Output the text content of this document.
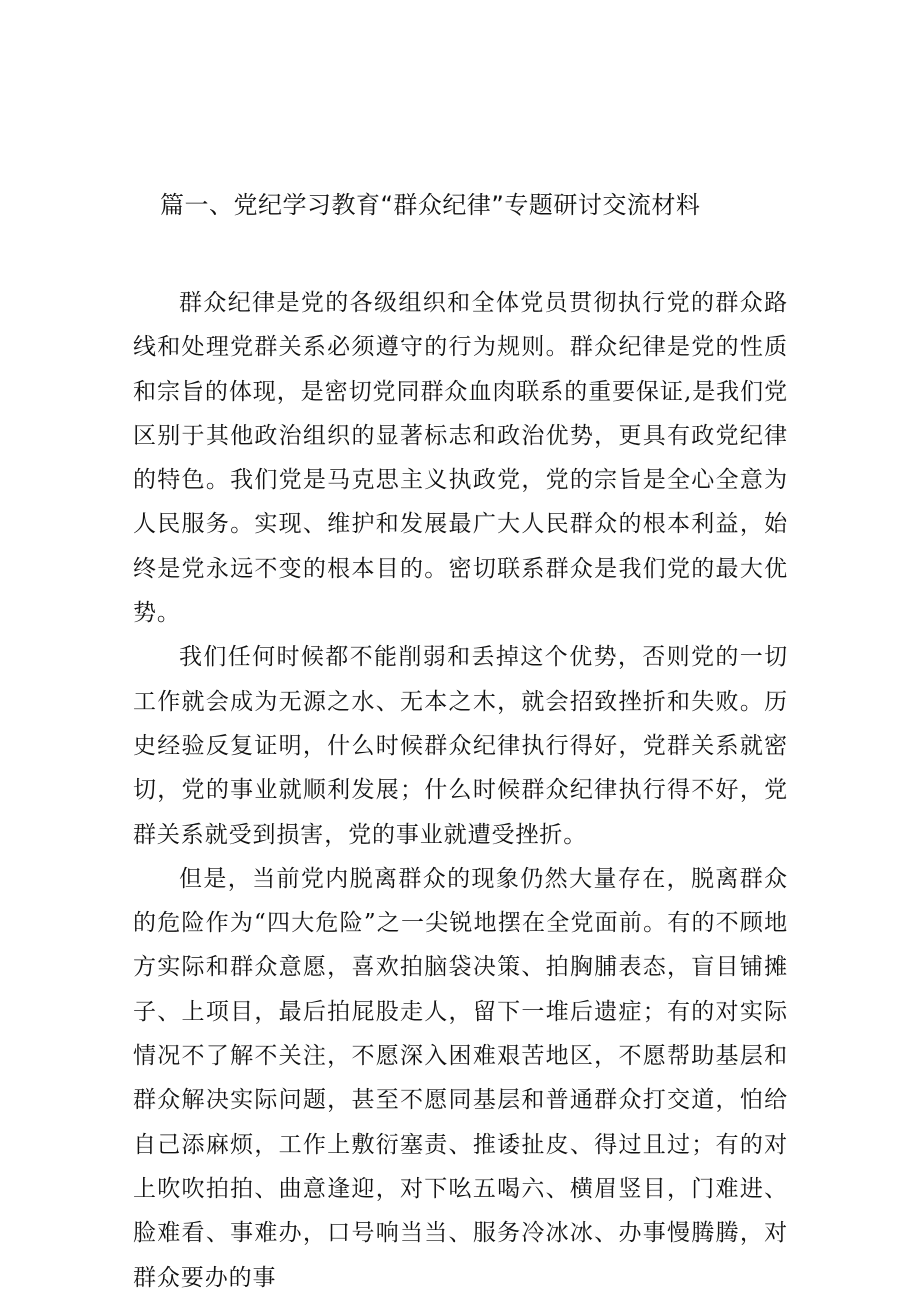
篇一、党纪学习教育“群众纪律”专题研讨交流材料

群众纪律是党的各级组织和全体党员贯彻执行党的群众路线和处理党群关系必须遵守的行为规则。群众纪律是党的性质和宗旨的体现，是密切党同群众血肉联系的重要保证,是我们党区别于其他政治组织的显著标志和政治优势，更具有政党纪律的特色。我们党是马克思主义执政党，党的宗旨是全心全意为人民服务。实现、维护和发展最广大人民群众的根本利益，始终是党永远不变的根本目的。密切联系群众是我们党的最大优势。

我们任何时候都不能削弱和丢掉这个优势，否则党的一切工作就会成为无源之水、无本之木，就会招致挫折和失败。历史经验反复证明，什么时候群众纪律执行得好，党群关系就密切，党的事业就顺利发展；什么时候群众纪律执行得不好，党群关系就受到损害，党的事业就遭受挫折。

但是，当前党内脱离群众的现象仍然大量存在，脱离群众的危险作为“四大危险”之一尖锐地摆在全党面前。有的不顾地方实际和群众意愿，喜欢拍脑袋决策、拍胸脯表态，盲目铺摊子、上项目，最后拍屁股走人，留下一堆后遗症；有的对实际情况不了解不关注，不愿深入困难艰苦地区，不愿帮助基层和群众解决实际问题，甚至不愿同基层和普通群众打交道，怕给自己添麻烦，工作上敷衍塞责、推诿扯皮、得过且过；有的对上吹吹拍拍、曲意逢迎，对下吆五喝六、横眉竖目，门难进、脸难看、事难办，口号响当当、服务冷冰冰、办事慢腾腾，对群众要办的事
